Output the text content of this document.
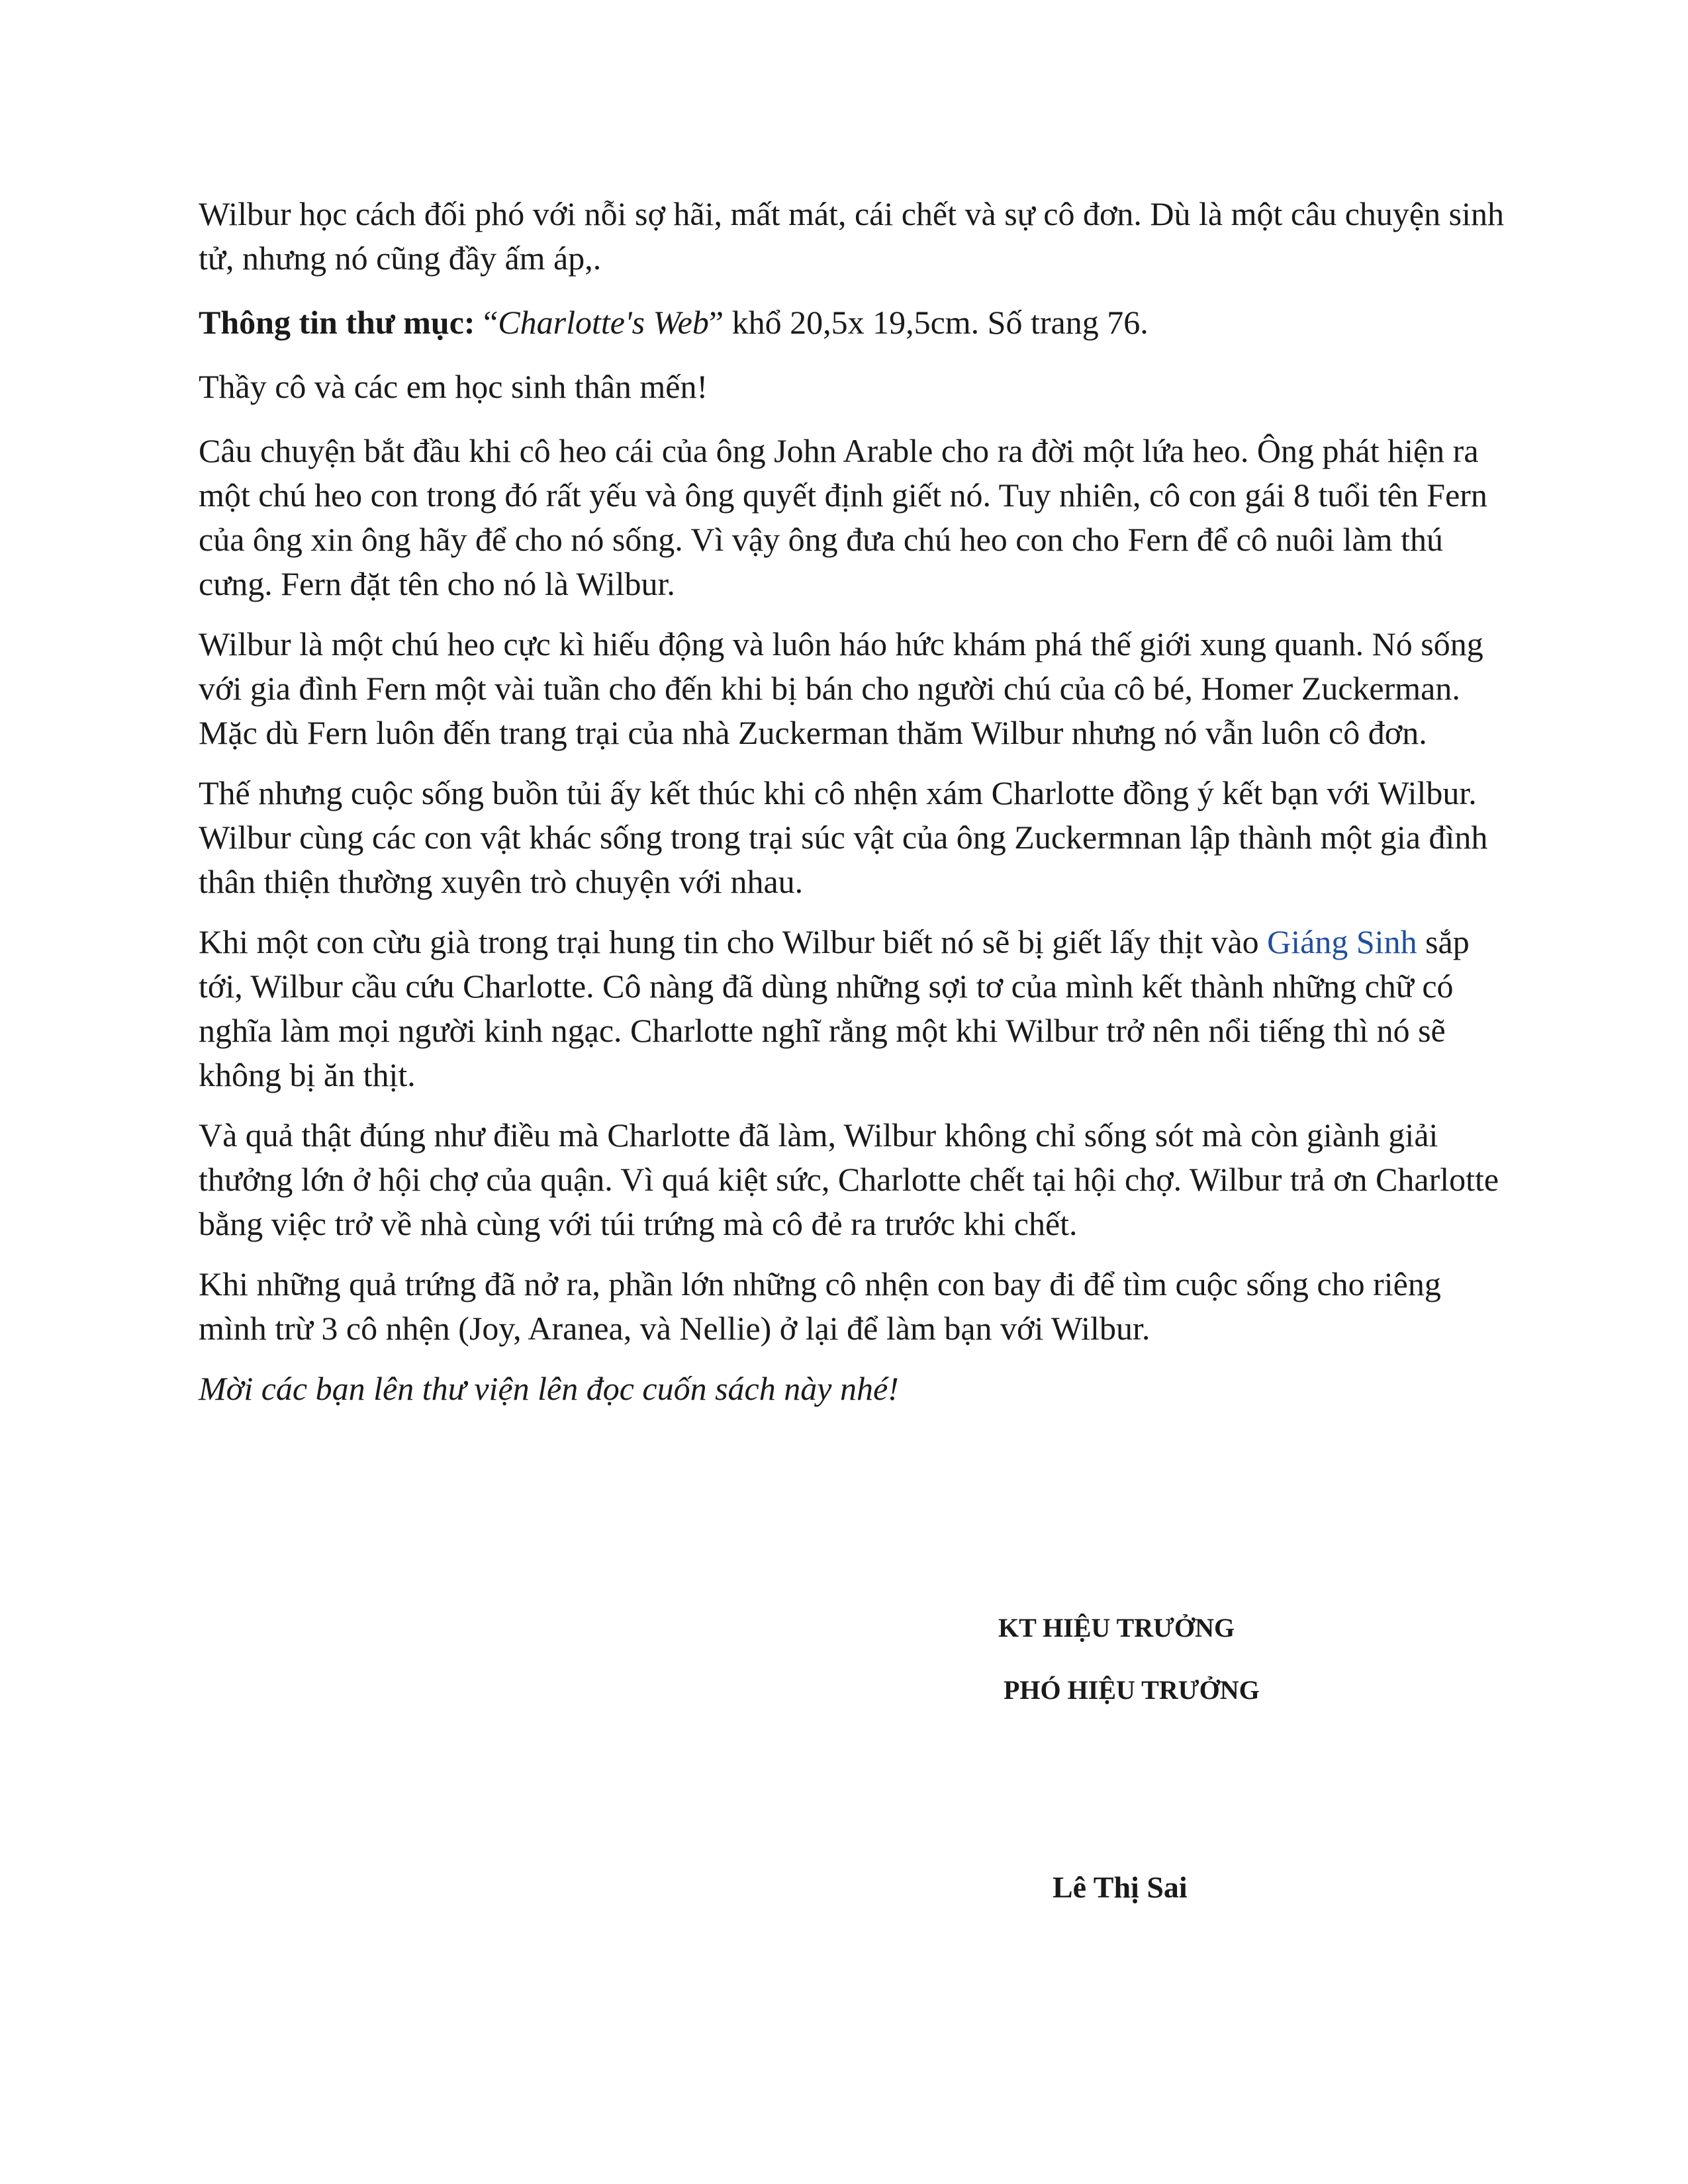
Wilbur học cách đối phó với nỗi sợ hãi, mất mát, cái chết và sự cô đơn. Dù là một câu chuyện sinh tử, nhưng nó cũng đầy ấm áp,.

Thông tin thư mục: “Charlotte's Web” khổ 20,5x 19,5cm. Số trang 76.

Thầy cô và các em học sinh thân mến!

Câu chuyện bắt đầu khi cô heo cái của ông John Arable cho ra đời một lứa heo. Ông phát hiện ra một chú heo con trong đó rất yếu và ông quyết định giết nó. Tuy nhiên, cô con gái 8 tuổi tên Fern của ông xin ông hãy để cho nó sống. Vì vậy ông đưa chú heo con cho Fern để cô nuôi làm thú cưng. Fern đặt tên cho nó là Wilbur.

Wilbur là một chú heo cực kì hiếu động và luôn háo hức khám phá thế giới xung quanh. Nó sống với gia đình Fern một vài tuần cho đến khi bị bán cho người chú của cô bé, Homer Zuckerman. Mặc dù Fern luôn đến trang trại của nhà Zuckerman thăm Wilbur nhưng nó vẫn luôn cô đơn.

Thế nhưng cuộc sống buồn tủi ấy kết thúc khi cô nhện xám Charlotte đồng ý kết bạn với Wilbur. Wilbur cùng các con vật khác sống trong trại súc vật của ông Zuckermnan lập thành một gia đình thân thiện thường xuyên trò chuyện với nhau.

Khi một con cừu già trong trại hung tin cho Wilbur biết nó sẽ bị giết lấy thịt vào Giáng Sinh sắp tới, Wilbur cầu cứu Charlotte. Cô nàng đã dùng những sợi tơ của mình kết thành những chữ có nghĩa làm mọi người kinh ngạc. Charlotte nghĩ rằng một khi Wilbur trở nên nổi tiếng thì nó sẽ không bị ăn thịt.

Và quả thật đúng như điều mà Charlotte đã làm, Wilbur không chỉ sống sót mà còn giành giải thưởng lớn ở hội chợ của quận. Vì quá kiệt sức, Charlotte chết tại hội chợ. Wilbur trả ơn Charlotte bằng việc trở về nhà cùng với túi trứng mà cô đẻ ra trước khi chết.

Khi những quả trứng đã nở ra, phần lớn những cô nhện con bay đi để tìm cuộc sống cho riêng mình trừ 3 cô nhện (Joy, Aranea, và Nellie) ở lại để làm bạn với Wilbur.

Mời các bạn lên thư viện lên đọc cuốn sách này nhé!

KT HIỆU TRƯỞNG
PHÓ HIỆU TRƯỞNG
Lê Thị Sai
